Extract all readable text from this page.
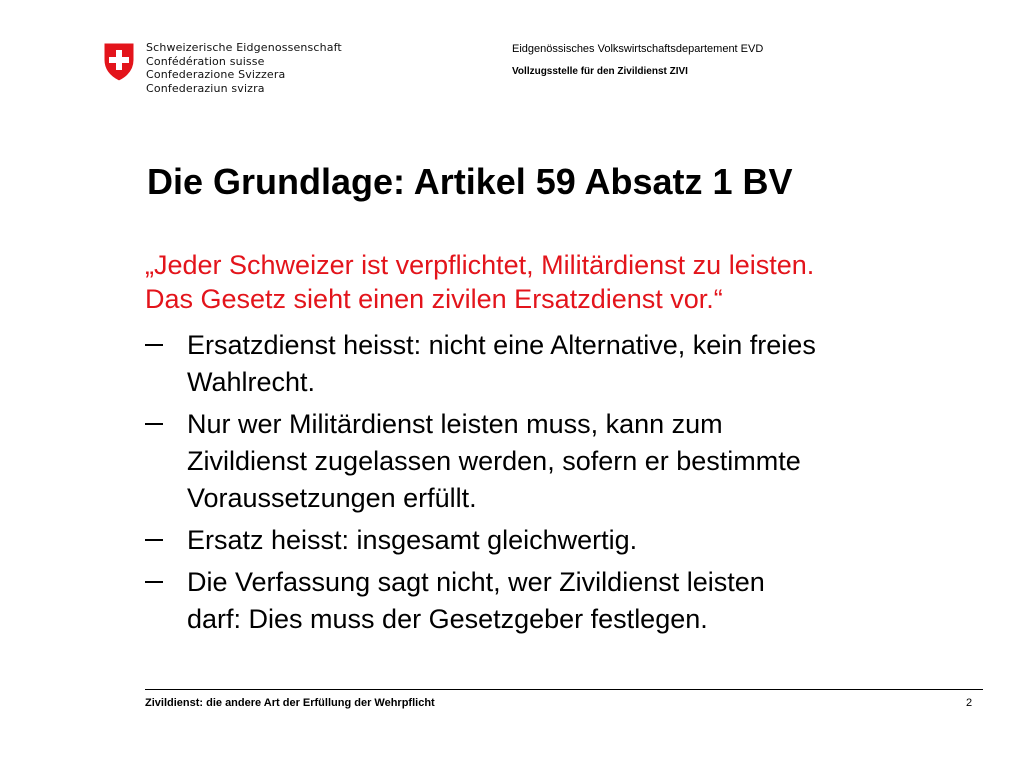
Schweizerische Eidgenossenschaft
Confédération suisse
Confederazione Svizzera
Confederaziun svizra
Eidgenössisches Volkswirtschaftsdepartement EVD
Vollzugsstelle für den Zivildienst ZIVI
Die Grundlage: Artikel 59 Absatz 1 BV
„Jeder Schweizer ist verpflichtet, Militärdienst zu leisten.
Das Gesetz sieht einen zivilen Ersatzdienst vor.“
Ersatzdienst heisst: nicht eine Alternative, kein freies
Wahlrecht.
Nur wer Militärdienst leisten muss, kann zum
Zivildienst zugelassen werden, sofern er bestimmte
Voraussetzungen erfüllt.
Ersatz heisst: insgesamt gleichwertig.
Die Verfassung sagt nicht, wer Zivildienst leisten
darf: Dies muss der Gesetzgeber festlegen.
Zivildienst: die andere Art der Erfüllung der Wehrpflicht	2
